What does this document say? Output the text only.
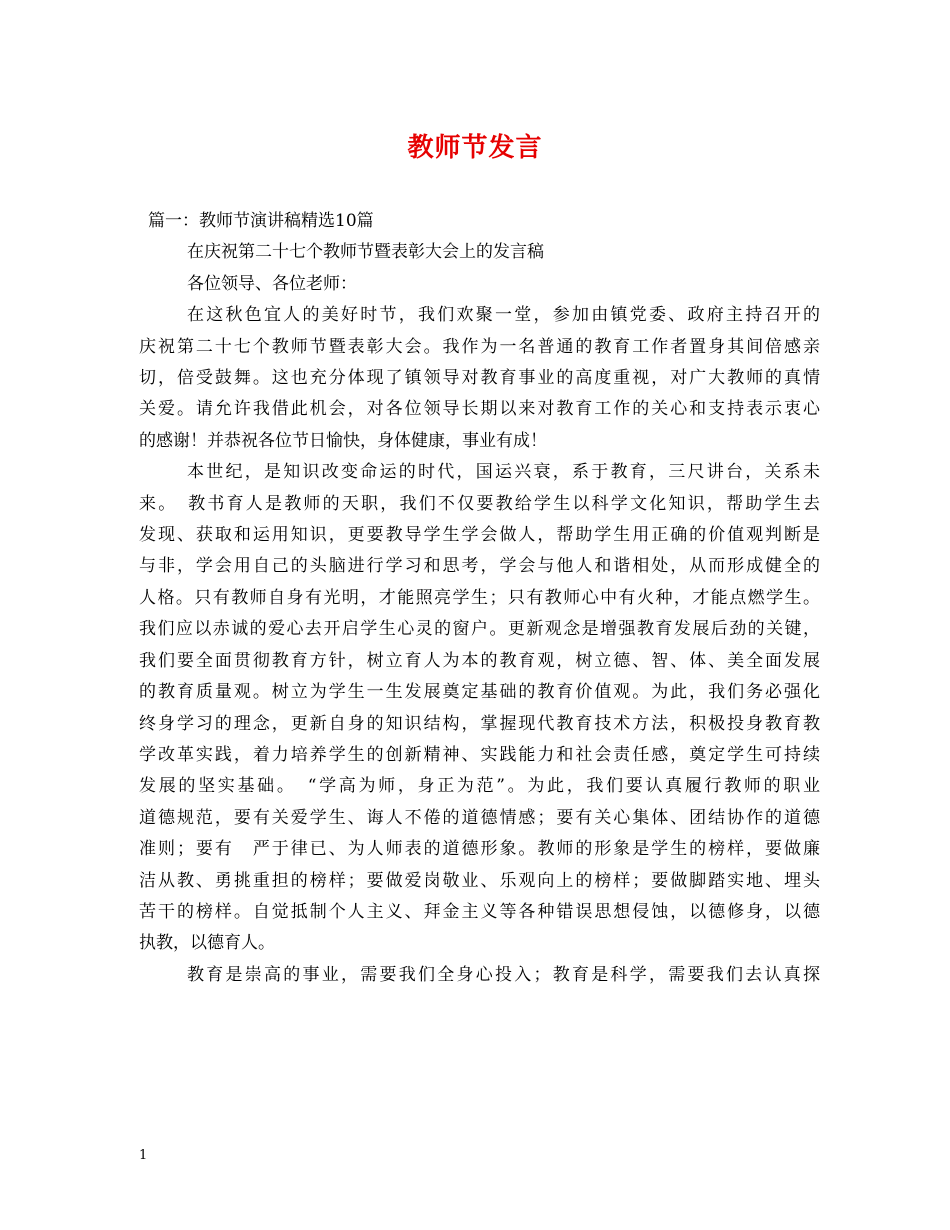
教师节发言

篇一：教师节演讲稿精选10篇

在庆祝第二十七个教师节暨表彰大会上的发言稿

各位领导、各位老师：

在这秋色宜人的美好时节，我们欢聚一堂，参加由镇党委、政府主持召开的
庆祝第二十七个教师节暨表彰大会。我作为一名普通的教育工作者置身其间倍感亲
切，倍受鼓舞。这也充分体现了镇领导对教育事业的高度重视，对广大教师的真情
关爱。请允许我借此机会，对各位领导长期以来对教育工作的关心和支持表示衷心
的感谢！并恭祝各位节日愉快，身体健康，事业有成！
本世纪，是知识改变命运的时代，国运兴衰，系于教育，三尺讲台，关系未
来。　教书育人是教师的天职，我们不仅要教给学生以科学文化知识，帮助学生去
发现、获取和运用知识，更要教导学生学会做人，帮助学生用正确的价值观判断是
与非，学会用自己的头脑进行学习和思考，学会与他人和谐相处，从而形成健全的
人格。只有教师自身有光明，才能照亮学生；只有教师心中有火种，才能点燃学生。
我们应以赤诚的爱心去开启学生心灵的窗户。更新观念是增强教育发展后劲的关键，
我们要全面贯彻教育方针，树立育人为本的教育观，树立德、智、体、美全面发展
的教育质量观。树立为学生一生发展奠定基础的教育价值观。为此，我们务必强化
终身学习的理念，更新自身的知识结构，掌握现代教育技术方法，积极投身教育教
学改革实践，着力培养学生的创新精神、实践能力和社会责任感，奠定学生可持续
发展的坚实基础。　“学高为师，身正为范”。为此，我们要认真履行教师的职业
道德规范，要有关爱学生、诲人不倦的道德情感；要有关心集体、团结协作的道德
准则；要有　严于律已、为人师表的道德形象。教师的形象是学生的榜样，要做廉
洁从教、勇挑重担的榜样；要做爱岗敬业、乐观向上的榜样；要做脚踏实地、埋头
苦干的榜样。自觉抵制个人主义、拜金主义等各种错误思想侵蚀，以德修身，以德
执教，以德育人。
教育是崇高的事业，需要我们全身心投入；教育是科学，需要我们去认真探
1
